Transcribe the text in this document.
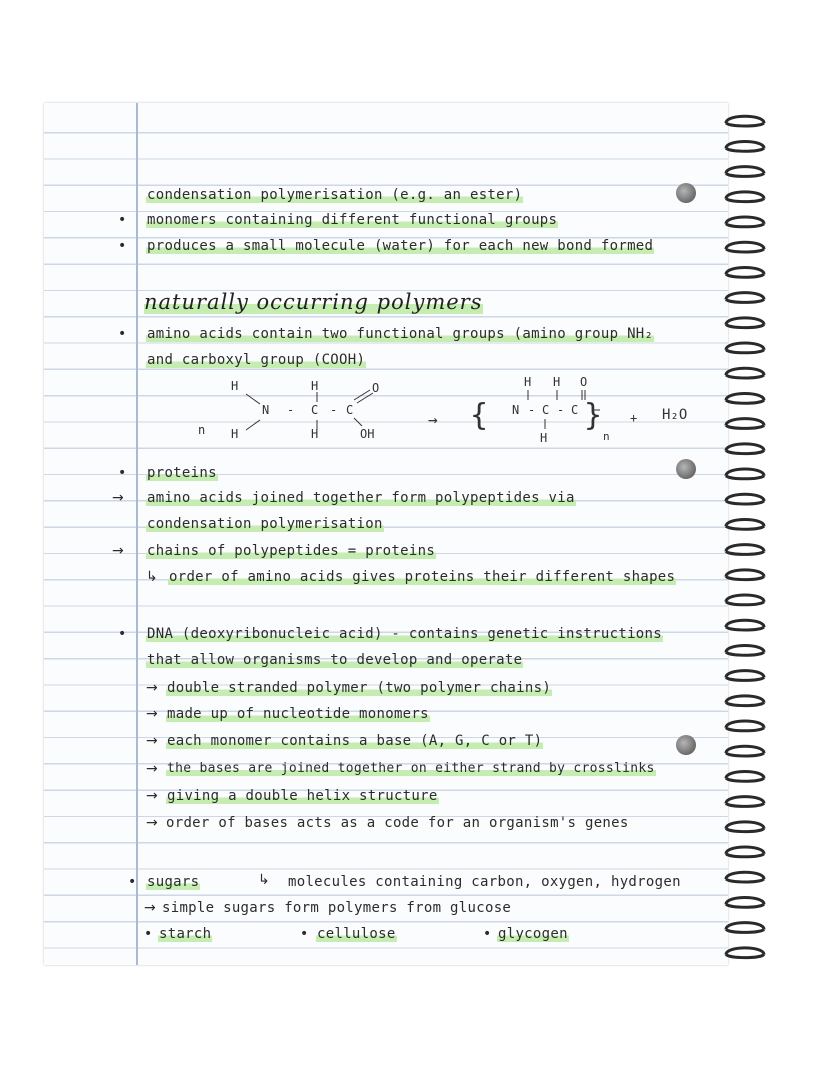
condensation polymerisation (e.g. an ester)
• monomers containing different functional groups
• produces a small molecule (water) for each new bond formed
naturally occurring polymers
• amino acids contain two functional groups (amino group NH₂
and carboxyl group (COOH)
n
H	H
N - C - C
H	H
O
OH
→ {
H H O
N - C - C
H
}
n
+ H₂O
• proteins
→ amino acids joined together form polypeptides via
condensation polymerisation
→ chains of polypeptides = proteins
↳ order of amino acids gives proteins their different shapes
• DNA (deoxyribonucleic acid) - contains genetic instructions
that allow organisms to develop and operate
→ double stranded polymer (two polymer chains)
→ made up of nucleotide monomers
→ each monomer contains a base (A, G, C or T)
→ the bases are joined together on either strand by crosslinks
→ giving a double helix structure
→ order of bases acts as a code for an organism's genes
• sugars	↳ molecules containing carbon, oxygen, hydrogen
→ simple sugars form polymers from glucose
• starch	• cellulose	• glycogen
